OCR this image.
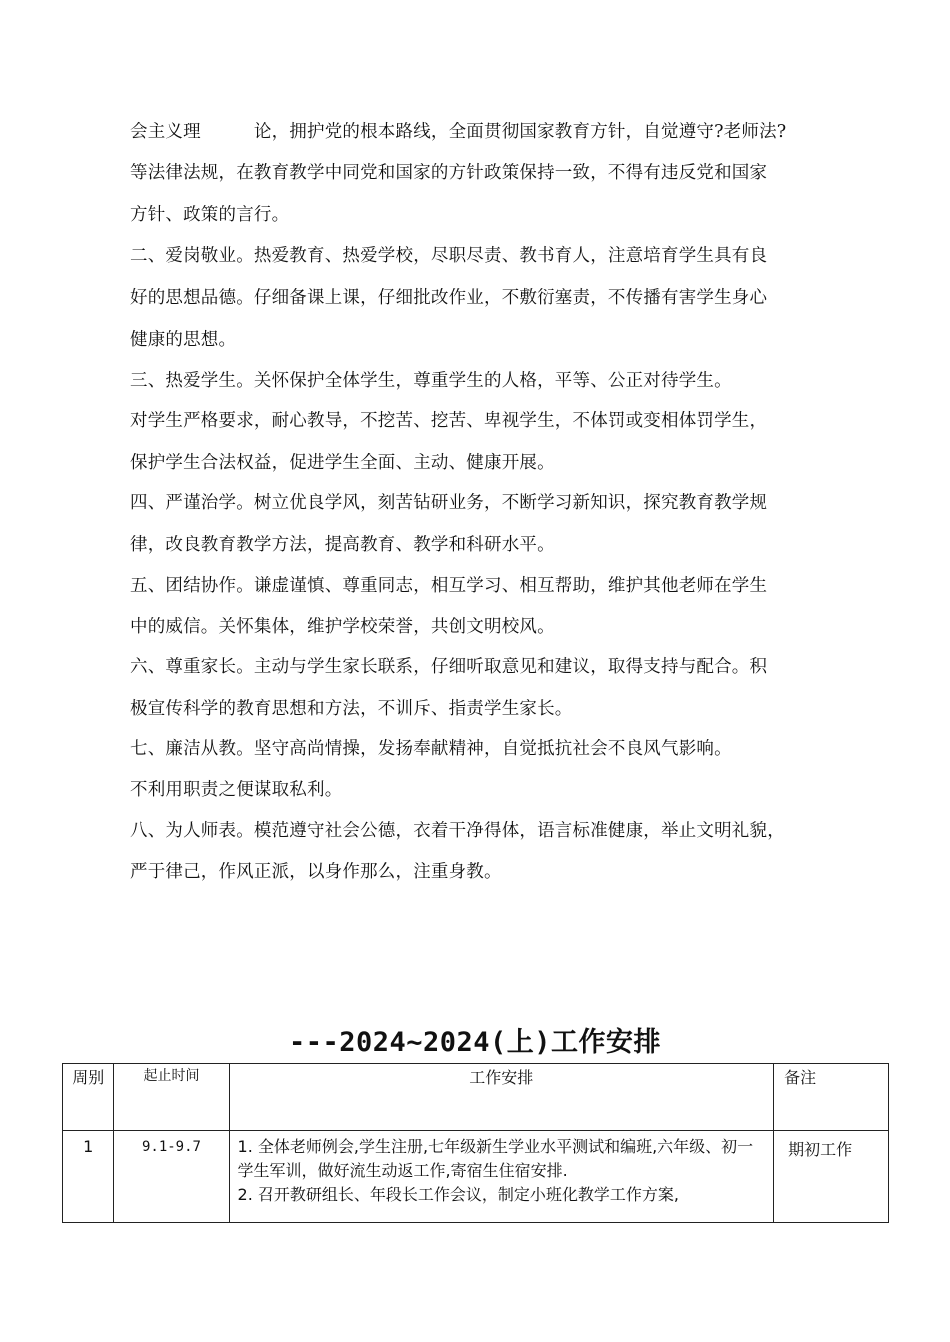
会主义理　　　论，拥护党的根本路线，全面贯彻国家教育方针，自觉遵守?老师法?
等法律法规，在教育教学中同党和国家的方针政策保持一致，不得有违反党和国家
方针、政策的言行。
二、爱岗敬业。热爱教育、热爱学校，尽职尽责、教书育人，注意培育学生具有良
好的思想品德。仔细备课上课，仔细批改作业，不敷衍塞责，不传播有害学生身心
健康的思想。
三、热爱学生。关怀保护全体学生，尊重学生的人格，平等、公正对待学生。
对学生严格要求，耐心教导，不挖苦、挖苦、卑视学生，不体罚或变相体罚学生，
保护学生合法权益，促进学生全面、主动、健康开展。
四、严谨治学。树立优良学风，刻苦钻研业务，不断学习新知识，探究教育教学规
律，改良教育教学方法，提高教育、教学和科研水平。
五、团结协作。谦虚谨慎、尊重同志，相互学习、相互帮助，维护其他老师在学生
中的威信。关怀集体，维护学校荣誉，共创文明校风。
六、尊重家长。主动与学生家长联系，仔细听取意见和建议，取得支持与配合。积
极宣传科学的教育思想和方法，不训斥、指责学生家长。
七、廉洁从教。坚守高尚情操，发扬奉献精神，自觉抵抗社会不良风气影响。
不利用职责之便谋取私利。
八、为人师表。模范遵守社会公德，衣着干净得体，语言标准健康，举止文明礼貌，
严于律己，作风正派，以身作那么，注重身教。
---2024~2024(上)工作安排
周别	起止时间	工作安排	备注
1	9.1-9.7	1. 全体老师例会,学生注册,七年级新生学业水平测试和编班,六年级、初一学生军训，做好流生动返工作,寄宿生住宿安排.
2. 召开教研组长、年段长工作会议，制定小班化教学工作方案,	期初工作
